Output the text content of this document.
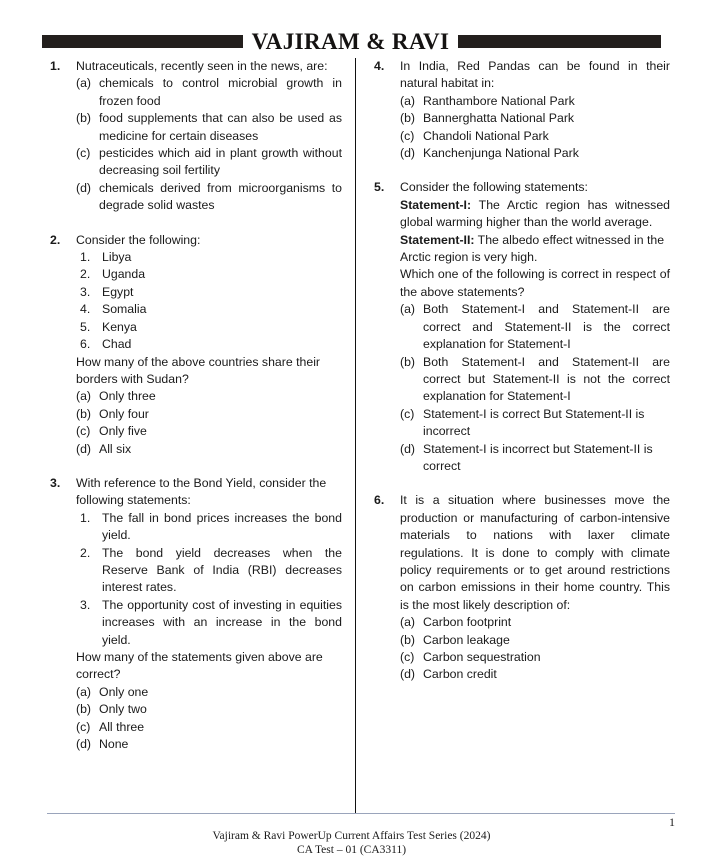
VAJIRAM & RAVI
1. Nutraceuticals, recently seen in the news, are:
(a) chemicals to control microbial growth in frozen food
(b) food supplements that can also be used as medicine for certain diseases
(c) pesticides which aid in plant growth without decreasing soil fertility
(d) chemicals derived from microorganisms to degrade solid wastes
2. Consider the following:
1. Libya
2. Uganda
3. Egypt
4. Somalia
5. Kenya
6. Chad
How many of the above countries share their borders with Sudan?
(a) Only three
(b) Only four
(c) Only five
(d) All six
3. With reference to the Bond Yield, consider the following statements:
1. The fall in bond prices increases the bond yield.
2. The bond yield decreases when the Reserve Bank of India (RBI) decreases interest rates.
3. The opportunity cost of investing in equities increases with an increase in the bond yield.
How many of the statements given above are correct?
(a) Only one
(b) Only two
(c) All three
(d) None
4. In India, Red Pandas can be found in their natural habitat in:
(a) Ranthambore National Park
(b) Bannerghatta National Park
(c) Chandoli National Park
(d) Kanchenjunga National Park
5. Consider the following statements:
Statement-I: The Arctic region has witnessed global warming higher than the world average.
Statement-II: The albedo effect witnessed in the Arctic region is very high.
Which one of the following is correct in respect of the above statements?
(a) Both Statement-I and Statement-II are correct and Statement-II is the correct explanation for Statement-I
(b) Both Statement-I and Statement-II are correct but Statement-II is not the correct explanation for Statement-I
(c) Statement-I is correct But Statement-II is incorrect
(d) Statement-I is incorrect but Statement-II is correct
6. It is a situation where businesses move the production or manufacturing of carbon-intensive materials to nations with laxer climate regulations. It is done to comply with climate policy requirements or to get around restrictions on carbon emissions in their home country. This is the most likely description of:
(a) Carbon footprint
(b) Carbon leakage
(c) Carbon sequestration
(d) Carbon credit
1
Vajiram & Ravi PowerUp Current Affairs Test Series (2024)
CA Test – 01 (CA3311)
